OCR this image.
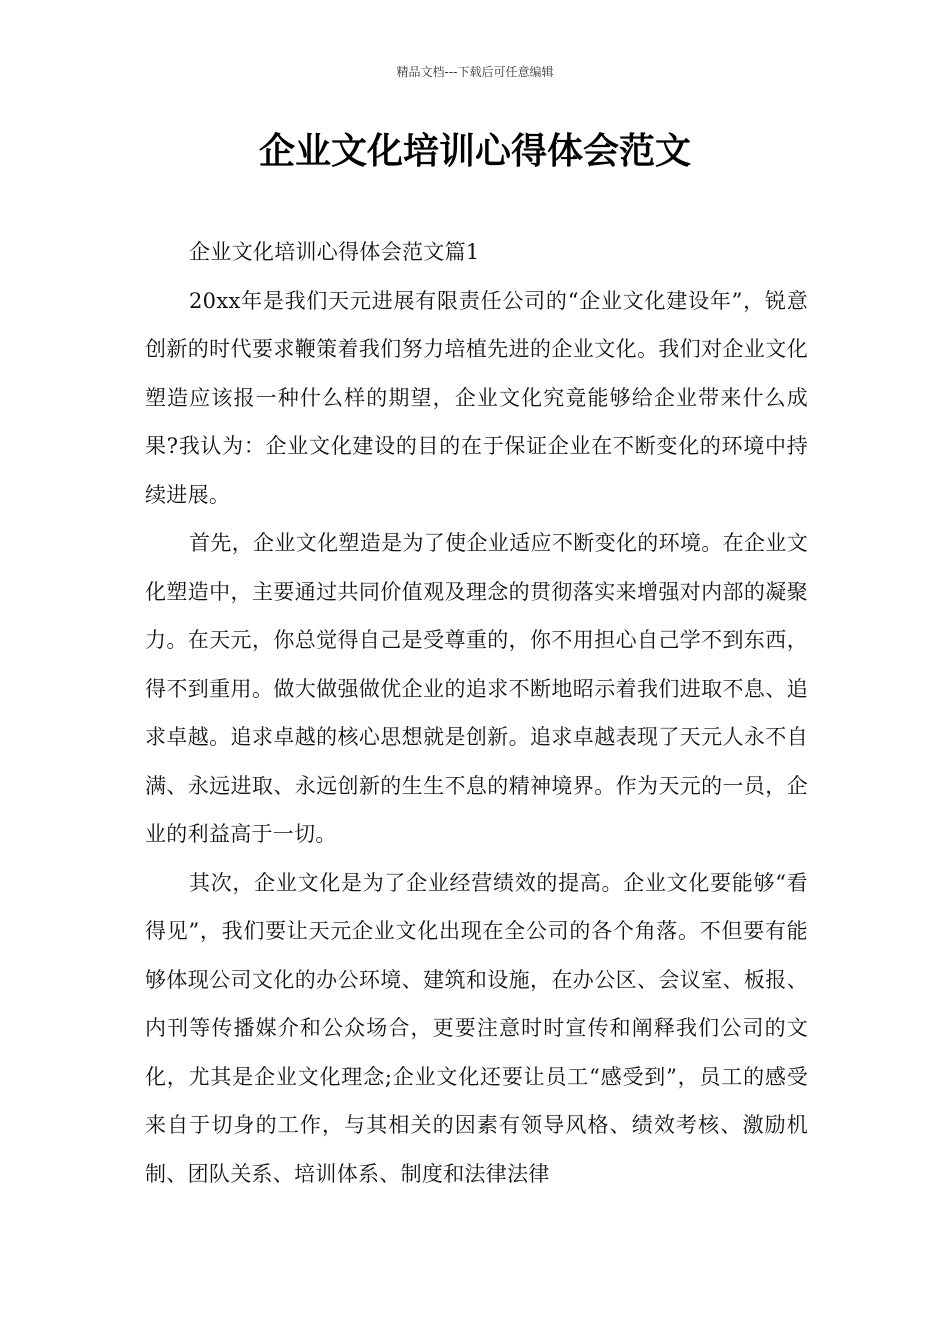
精品文档---下载后可任意编辑
企业文化培训心得体会范文

企业文化培训心得体会范文篇1

20xx年是我们天元进展有限责任公司的“企业文化建设年”，锐意创新的时代要求鞭策着我们努力培植先进的企业文化。我们对企业文化塑造应该报一种什么样的期望，企业文化究竟能够给企业带来什么成果?我认为：企业文化建设的目的在于保证企业在不断变化的环境中持续进展。

首先，企业文化塑造是为了使企业适应不断变化的环境。在企业文化塑造中，主要通过共同价值观及理念的贯彻落实来增强对内部的凝聚力。在天元，你总觉得自己是受尊重的，你不用担心自己学不到东西，得不到重用。做大做强做优企业的追求不断地昭示着我们进取不息、追求卓越。追求卓越的核心思想就是创新。追求卓越表现了天元人永不自满、永远进取、永远创新的生生不息的精神境界。作为天元的一员，企业的利益高于一切。

其次，企业文化是为了企业经营绩效的提高。企业文化要能够“看得见”，我们要让天元企业文化出现在全公司的各个角落。不但要有能够体现公司文化的办公环境、建筑和设施，在办公区、会议室、板报、内刊等传播媒介和公众场合，更要注意时时宣传和阐释我们公司的文化，尤其是企业文化理念;企业文化还要让员工“感受到”，员工的感受来自于切身的工作，与其相关的因素有领导风格、绩效考核、激励机制、团队关系、培训体系、制度和法律法律
